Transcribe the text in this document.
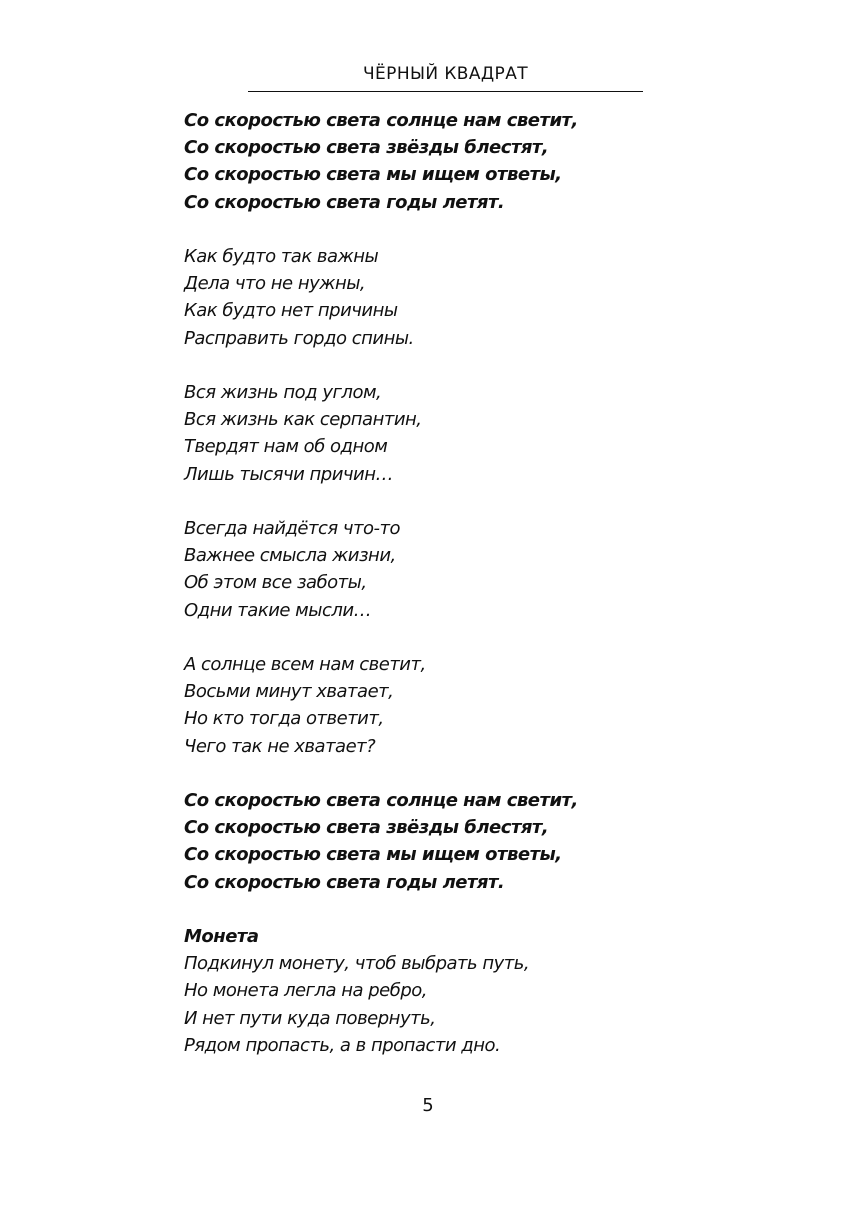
ЧЁРНЫЙ КВАДРАТ
Со скоростью света солнце нам светит,
Со скоростью света звёзды блестят,
Со скоростью света мы ищем ответы,
Со скоростью света годы летят.
Как будто так важны
Дела что не нужны,
Как будто нет причины
Расправить гордо спины.
Вся жизнь под углом,
Вся жизнь как серпантин,
Твердят нам об одном
Лишь тысячи причин…
Всегда найдётся что-то
Важнее смысла жизни,
Об этом все заботы,
Одни такие мысли…
А солнце всем нам светит,
Восьми минут хватает,
Но кто тогда ответит,
Чего так не хватает?
Со скоростью света солнце нам светит,
Со скоростью света звёзды блестят,
Со скоростью света мы ищем ответы,
Со скоростью света годы летят.
Монета
Подкинул монету, чтоб выбрать путь,
Но монета легла на ребро,
И нет пути куда повернуть,
Рядом пропасть, а в пропасти дно.
5
